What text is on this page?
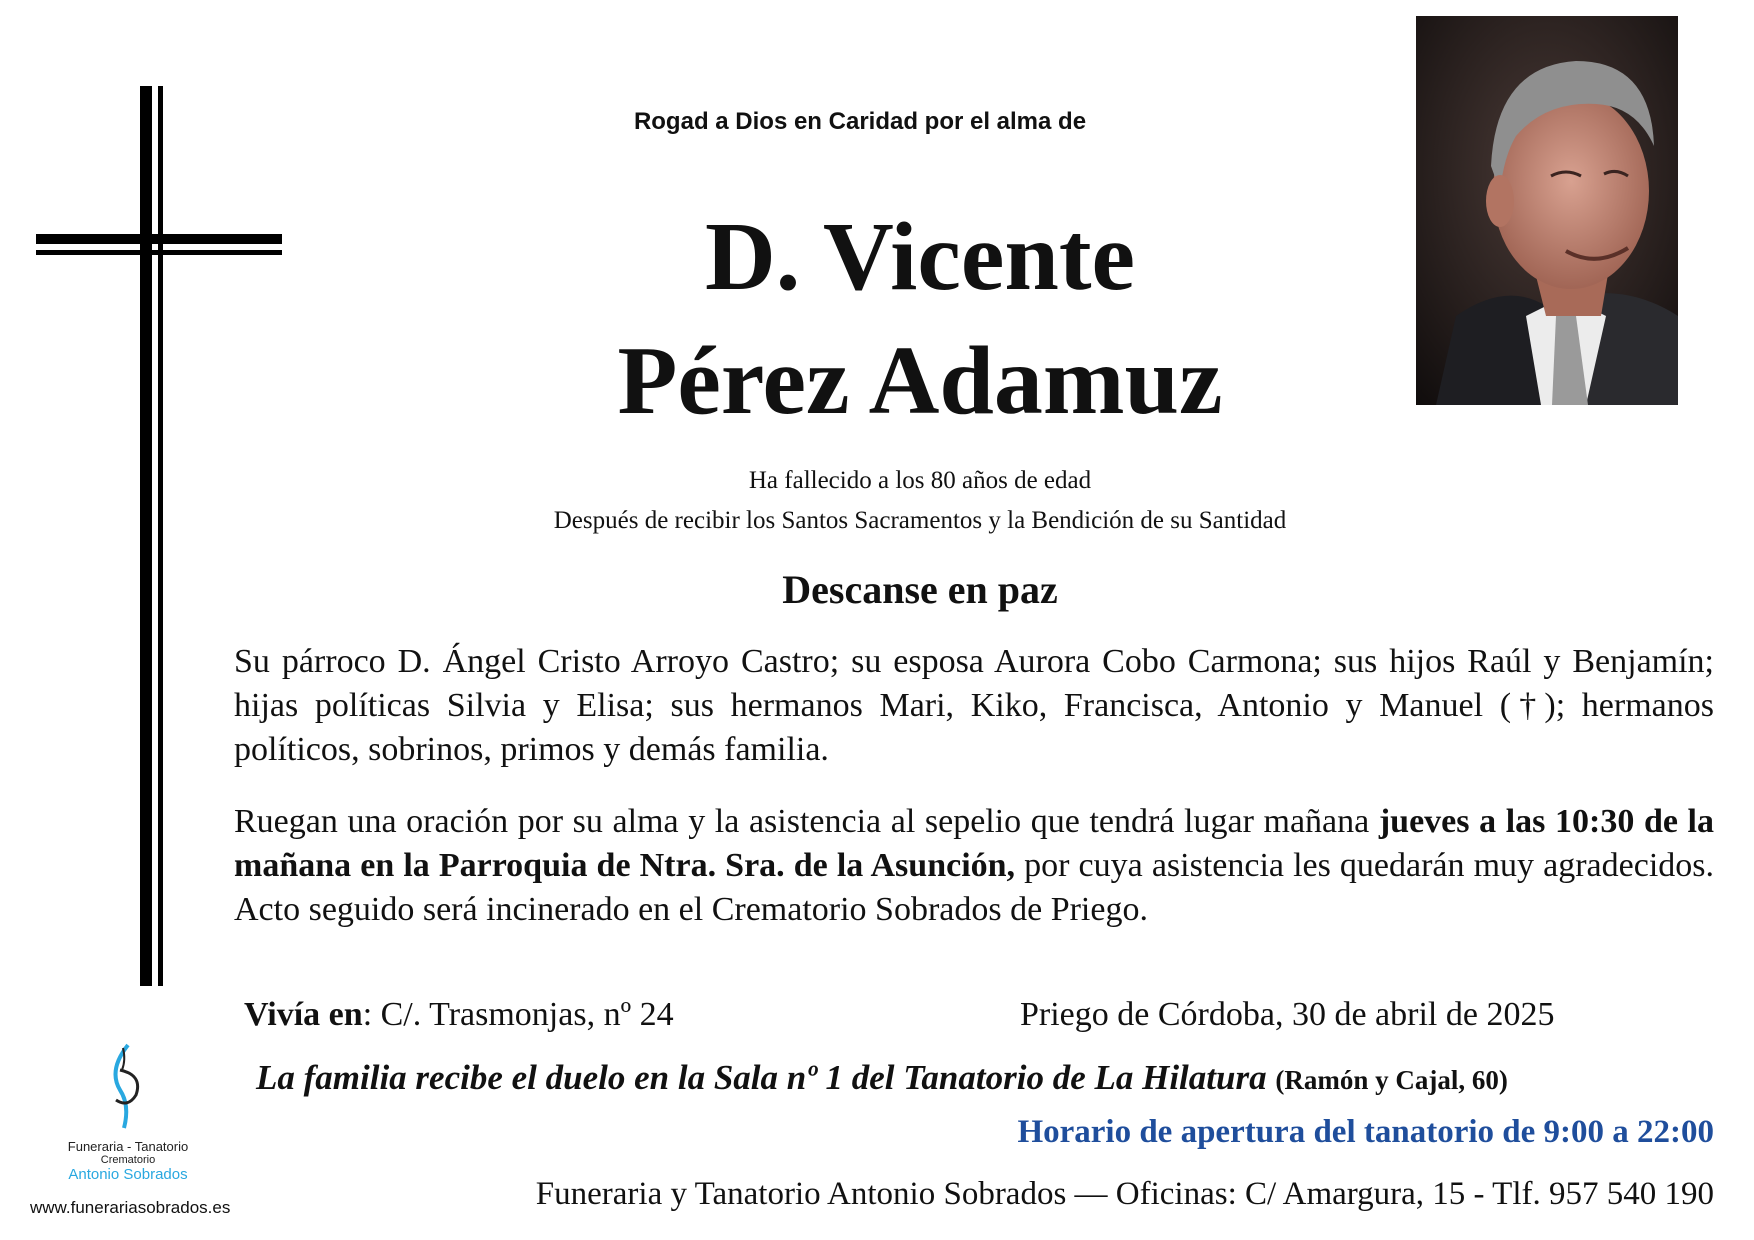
Rogad a Dios en Caridad por el alma de
D. Vicente
Pérez Adamuz
Ha fallecido a los 80 años de edad
Después de recibir los Santos Sacramentos y la Bendición de su Santidad
Descanse en paz
Su párroco D. Ángel Cristo Arroyo Castro; su esposa Aurora Cobo Carmona; sus hijos Raúl y Benjamín; hijas políticas Silvia y Elisa; sus hermanos Mari, Kiko, Francisca, Antonio y Manuel (†); hermanos políticos, sobrinos, primos y demás familia.
Ruegan una oración por su alma y la asistencia al sepelio que tendrá lugar mañana jueves a las 10:30 de la mañana en la Parroquia de Ntra. Sra. de la Asunción, por cuya asistencia les quedarán muy agradecidos. Acto seguido será incinerado en el Crematorio Sobrados de Priego.
Vivía en: C/. Trasmonjas, nº 24	Priego de Córdoba, 30 de abril de 2025
La familia recibe el duelo en la Sala nº 1 del Tanatorio de La Hilatura (Ramón y Cajal, 60)
Horario de apertura del tanatorio de 9:00 a 22:00
Funeraria y Tanatorio Antonio Sobrados — Oficinas: C/ Amargura, 15 - Tlf. 957 540 190
Funeraria - Tanatorio
Crematorio
Antonio Sobrados
www.funerariasobrados.es
